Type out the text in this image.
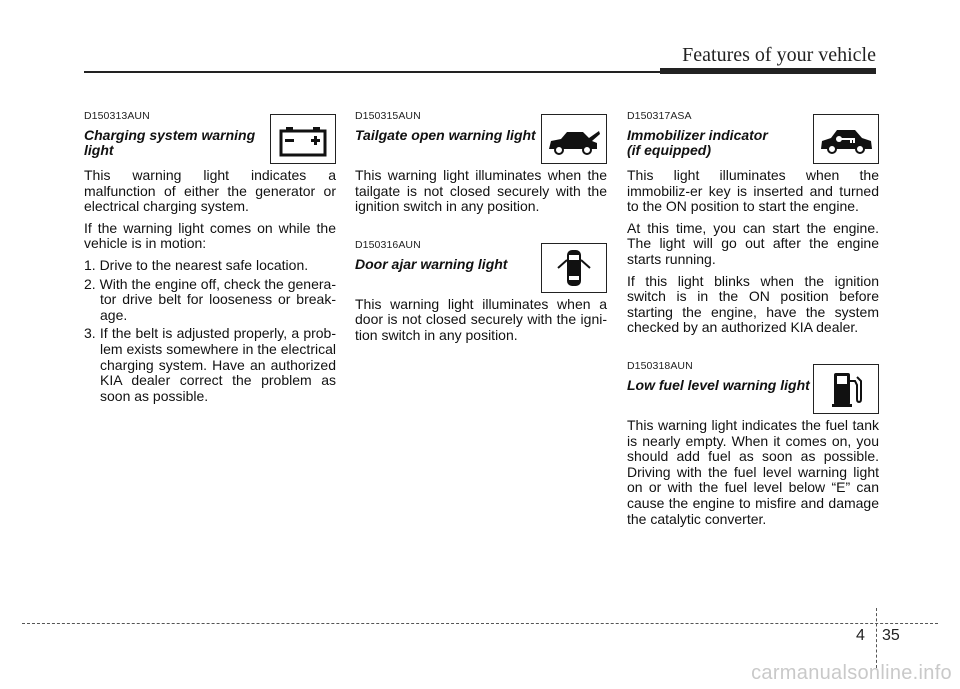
Features of your vehicle
D150313AUN
Charging system warning light

This warning light indicates a malfunction of either the generator or electrical charging system.

If the warning light comes on while the vehicle is in motion:

1. Drive to the nearest safe location.
2. With the engine off, check the genera-tor drive belt for looseness or break-age.
3. If the belt is adjusted properly, a prob-lem exists somewhere in the electrical charging system. Have an authorized KIA dealer correct the problem as soon as possible.
D150315AUN
Tailgate open warning light

This warning light illuminates when the tailgate is not closed securely with the ignition switch in any position.

D150316AUN
Door ajar warning light

This warning light illuminates when a door is not closed securely with the igni-tion switch in any position.

D150317ASA
Immobilizer indicator
(if equipped)

This light illuminates when the immobiliz-er key is inserted and turned to the ON position to start the engine.

At this time, you can start the engine. The light will go out after the engine starts running.

If this light blinks when the ignition switch is in the ON position before starting the engine, have the system checked by an authorized KIA dealer.

D150318AUN
Low fuel level warning light

This warning light indicates the fuel tank is nearly empty. When it comes on, you should add fuel as soon as possible. Driving with the fuel level warning light on or with the fuel level below “E” can cause the engine to misfire and damage the catalytic converter.

4 35
carmanualsonline.info
